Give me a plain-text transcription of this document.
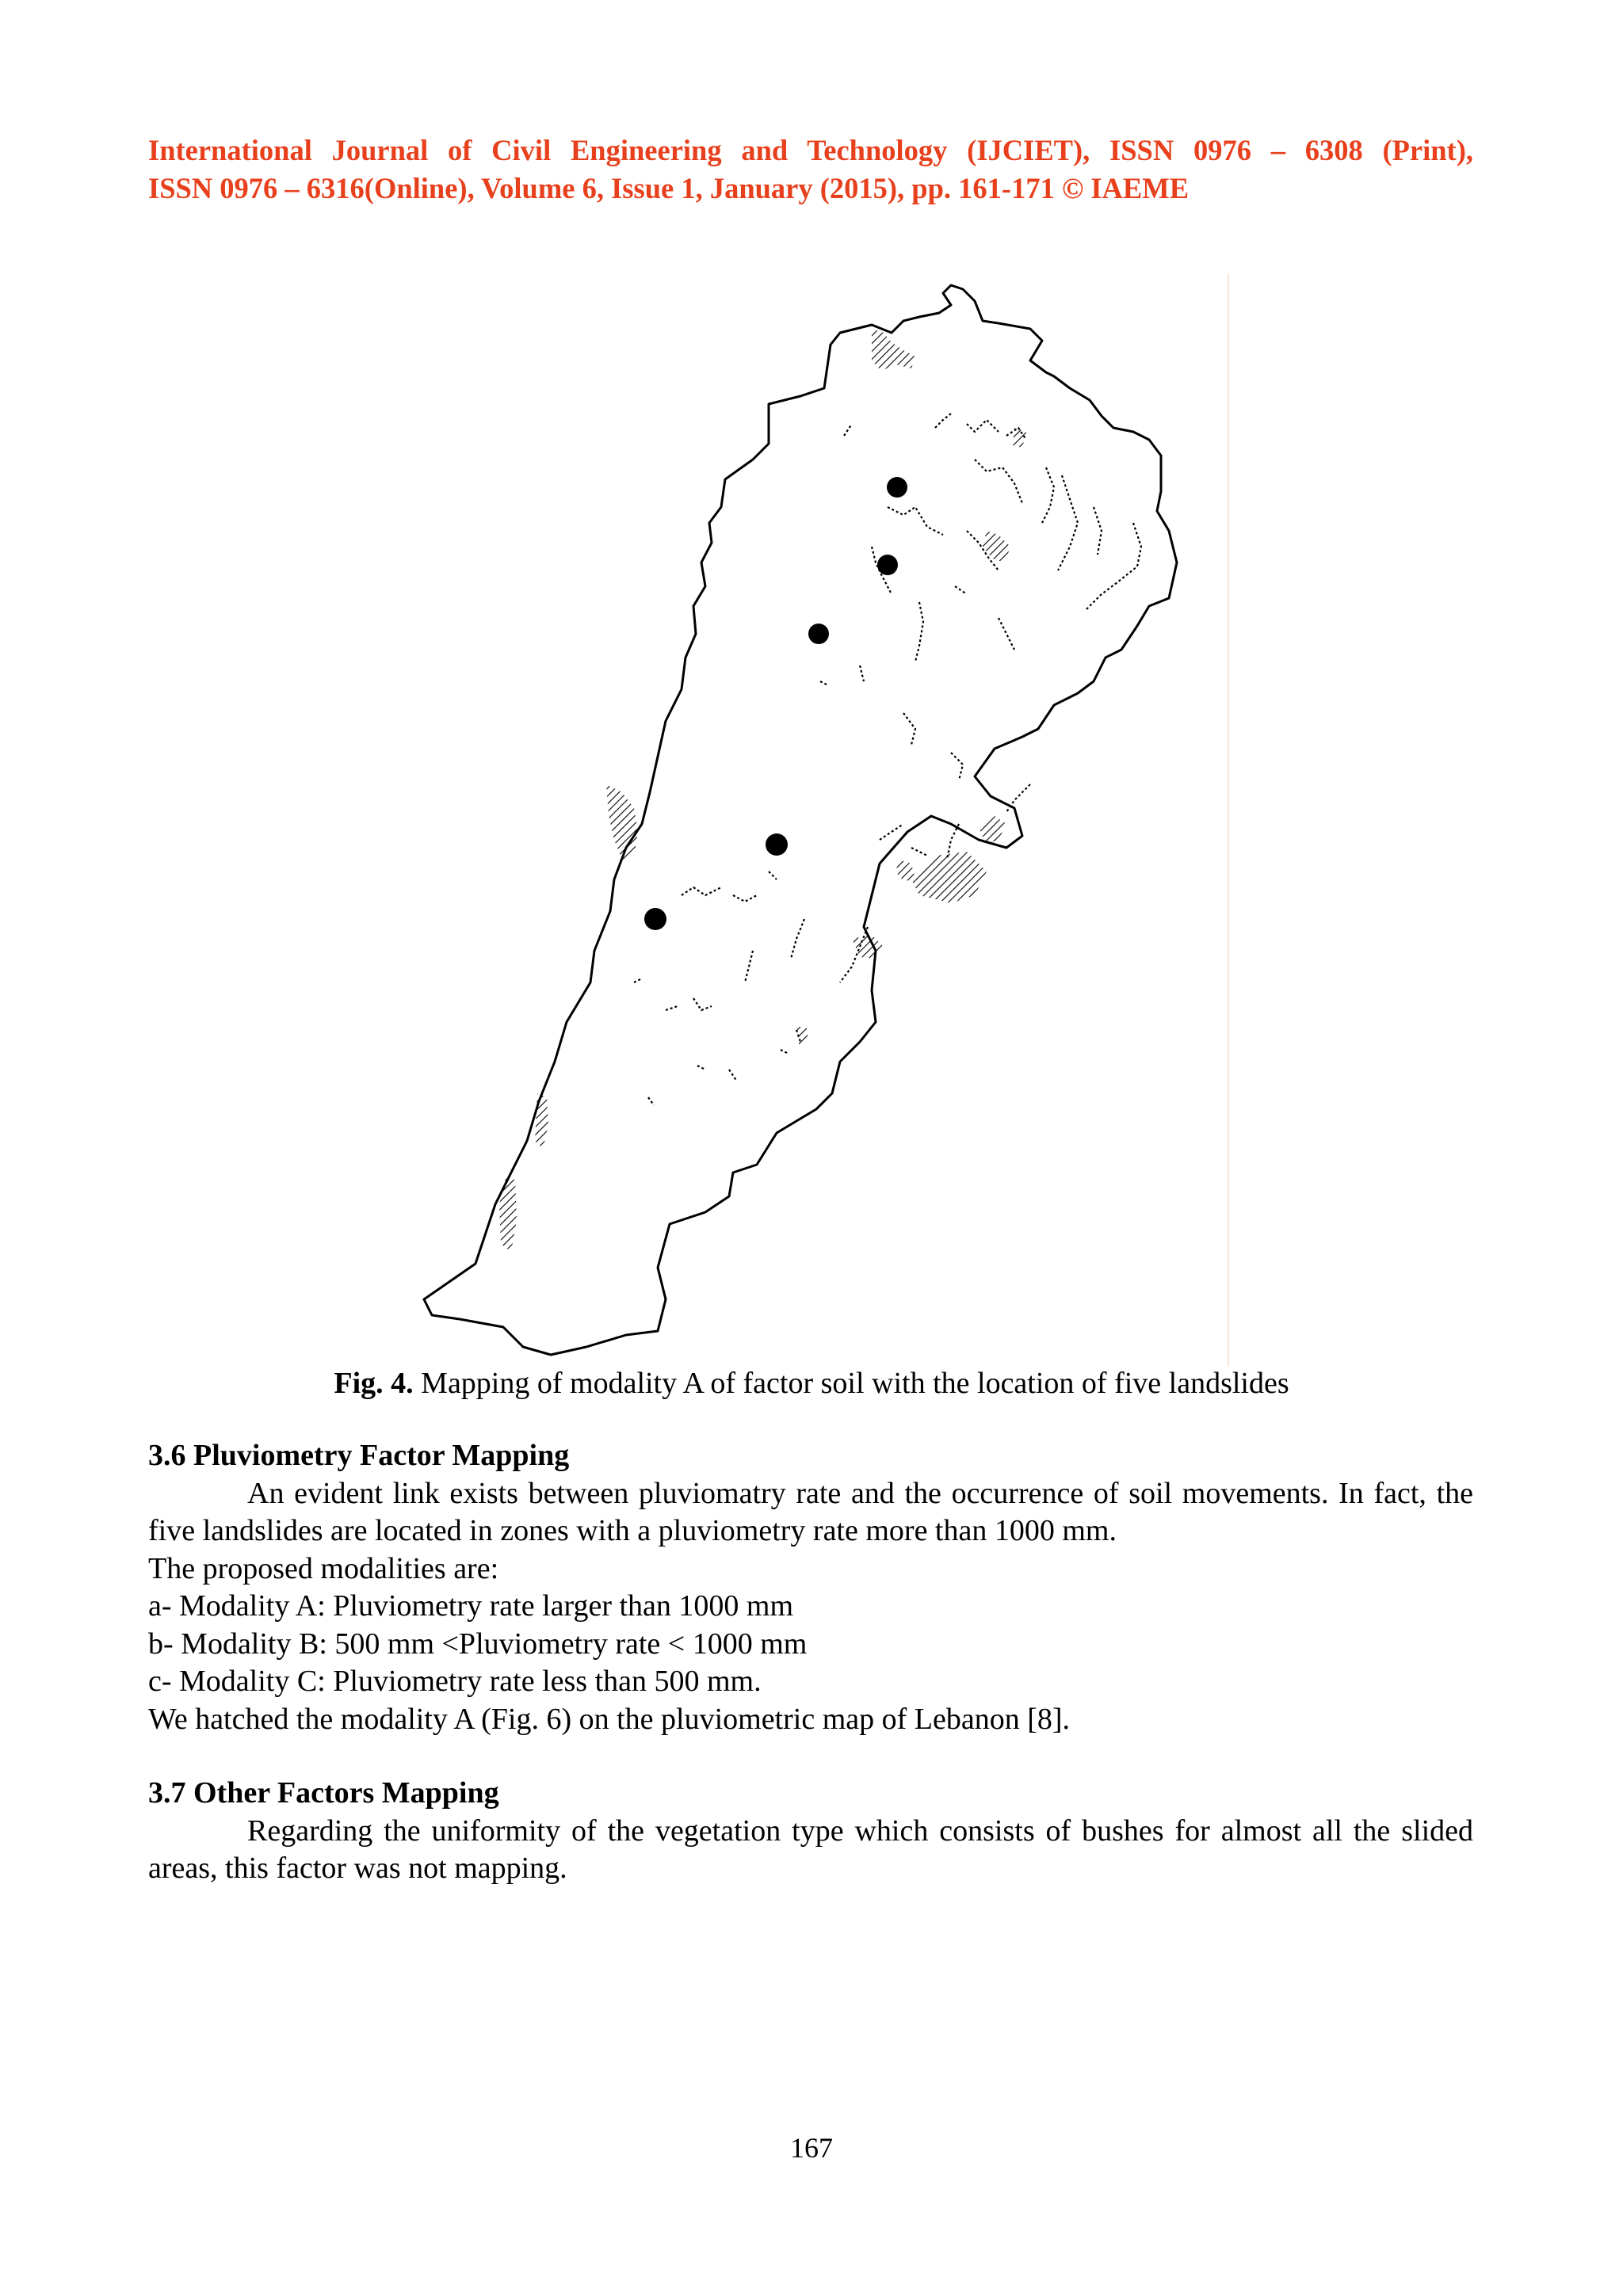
International Journal of Civil Engineering and Technology (IJCIET), ISSN 0976 – 6308 (Print),
ISSN 0976 – 6316(Online), Volume 6, Issue 1, January (2015), pp. 161-171 © IAEME
Fig. 4. Mapping of modality A of factor soil with the location of five landslides
3.6 Pluviometry Factor Mapping
An evident link exists between pluviomatry rate and the occurrence of soil movements. In fact, the five landslides are located in zones with a pluviometry rate more than 1000 mm.
The proposed modalities are:
a- Modality A: Pluviometry rate larger than 1000 mm
b- Modality B: 500 mm <Pluviometry rate < 1000 mm
c- Modality C: Pluviometry rate less than 500 mm.
We hatched the modality A (Fig. 6) on the pluviometric map of Lebanon [8].
3.7 Other Factors Mapping
Regarding the uniformity of the vegetation type which consists of bushes for almost all the slided areas, this factor was not mapping.
167
